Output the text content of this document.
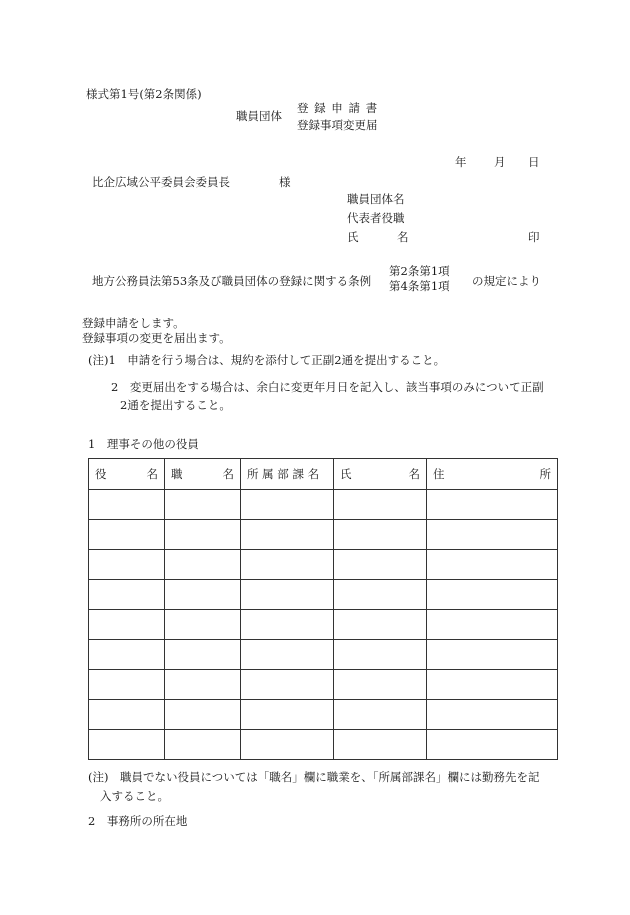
様式第1号(第2条関係)
職員団体
登 録 申 請 書
登録事項変更届
年 月 日
比企広域公平委員会委員長	様
職員団体名
代表者役職
氏	名	印
地方公務員法第53条及び職員団体の登録に関する条例
第2条第1項
第4条第1項 の規定により
登録申請をします。
登録事項の変更を届出ます。
(注)1　申請を行う場合は、規約を添付して正副2通を提出すること。
2　変更届出をする場合は、余白に変更年月日を記入し、該当事項のみについて正副
2通を提出すること。
1　理事その他の役員
役 名	職 名	所 属 部 課 名	氏 名	住 所

(注)　職員でない役員については「職名」欄に職業を、「所属部課名」欄には勤務先を記
入すること。
2　事務所の所在地
